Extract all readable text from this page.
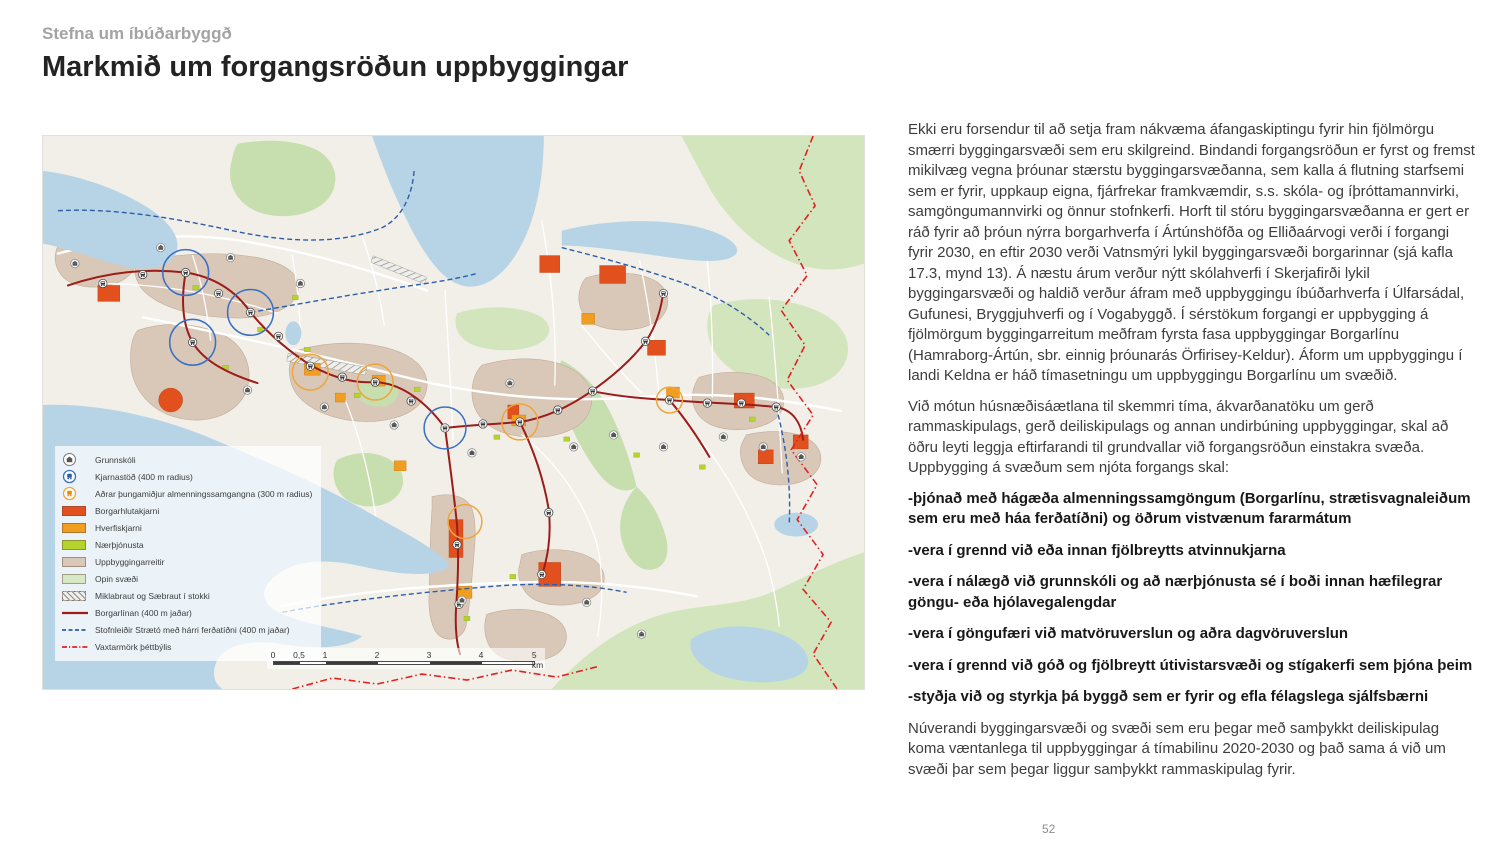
Stefna um íbúðarbyggð
Markmið um forgangsröðun uppbyggingar
Grunnskóli
Kjarnastöð (400 m radius)
Aðrar þungamiðjur almenningssamgangna (300 m radius)
Borgarhlutakjarni
Hverfiskjarni
Nærþjónusta
Uppbyggingarreitir
Opin svæði
Miklabraut og Sæbraut í stokki
Borgarlínan (400 m jaðar)
Stofnleiðir Strætó með hárri ferðatíðni (400 m jaðar)
Vaxtarmörk þéttbýlis
0 0,5 1	2	3	4	5 km

Ekki eru forsendur til að setja fram nákvæma áfangaskiptingu fyrir hin fjölmörgu smærri byggingarsvæði sem eru skilgreind. Bindandi forgangsröðun er fyrst og fremst mikilvæg vegna þróunar stærstu byggingarsvæðanna, sem kalla á flutning starfsemi sem er fyrir, uppkaup eigna, fjárfrekar framkvæmdir, s.s. skóla- og íþróttamannvirki, samgöngumannvirki og önnur stofnkerfi. Horft til stóru byggingarsvæðanna er gert er ráð fyrir að þróun nýrra borgarhverfa í Ártúnshöfða og Elliðaárvogi verði í forgangi fyrir 2030, en eftir 2030 verði Vatnsmýri lykil byggingarsvæði borgarinnar (sjá kafla 17.3, mynd 13). Á næstu árum verður nýtt skólahverfi í Skerjafirði lykil byggingarsvæði og haldið verður áfram með uppbyggingu íbúðarhverfa í Úlfarsádal, Gufunesi, Bryggjuhverfi og í Vogabyggð. Í sérstökum forgangi er uppbygging á fjölmörgum byggingarreitum meðfram fyrsta fasa uppbyggingar Borgarlínu (Hamraborg-Ártún, sbr. einnig þróunarás Örfirisey-Keldur). Áform um uppbyggingu í landi Keldna er háð tímasetningu um uppbyggingu Borgarlínu um svæðið.

Við mótun húsnæðisáætlana til skemmri tíma, ákvarðanatöku um gerð rammaskipulags, gerð deiliskipulags og annan undirbúning uppbyggingar, skal að öðru leyti leggja eftirfarandi til grundvallar við forgangsröðun einstakra svæða. Uppbygging á svæðum sem njóta forgangs skal:

-þjónað með hágæða almenningssamgöngum (Borgarlínu, strætisvagnaleiðum sem eru með háa ferðatíðni) og öðrum vistvænum fararmátum

-vera í grennd við eða innan fjölbreytts atvinnukjarna

-vera í nálægð við grunnskóli og að nærþjónusta sé í boði innan hæfilegrar göngu- eða hjólavegalengdar

-vera í göngufæri við matvöruverslun og aðra dagvöruverslun

-vera í grennd við góð og fjölbreytt útivistarsvæði og stígakerfi sem þjóna þeim

-styðja við og styrkja þá byggð sem er fyrir og efla félagslega sjálfsbærni

Núverandi byggingarsvæði og svæði sem eru þegar með samþykkt deiliskipulag koma væntanlega til uppbyggingar á tímabilinu 2020-2030 og það sama á við um svæði þar sem þegar liggur samþykkt rammaskipulag fyrir.

52
